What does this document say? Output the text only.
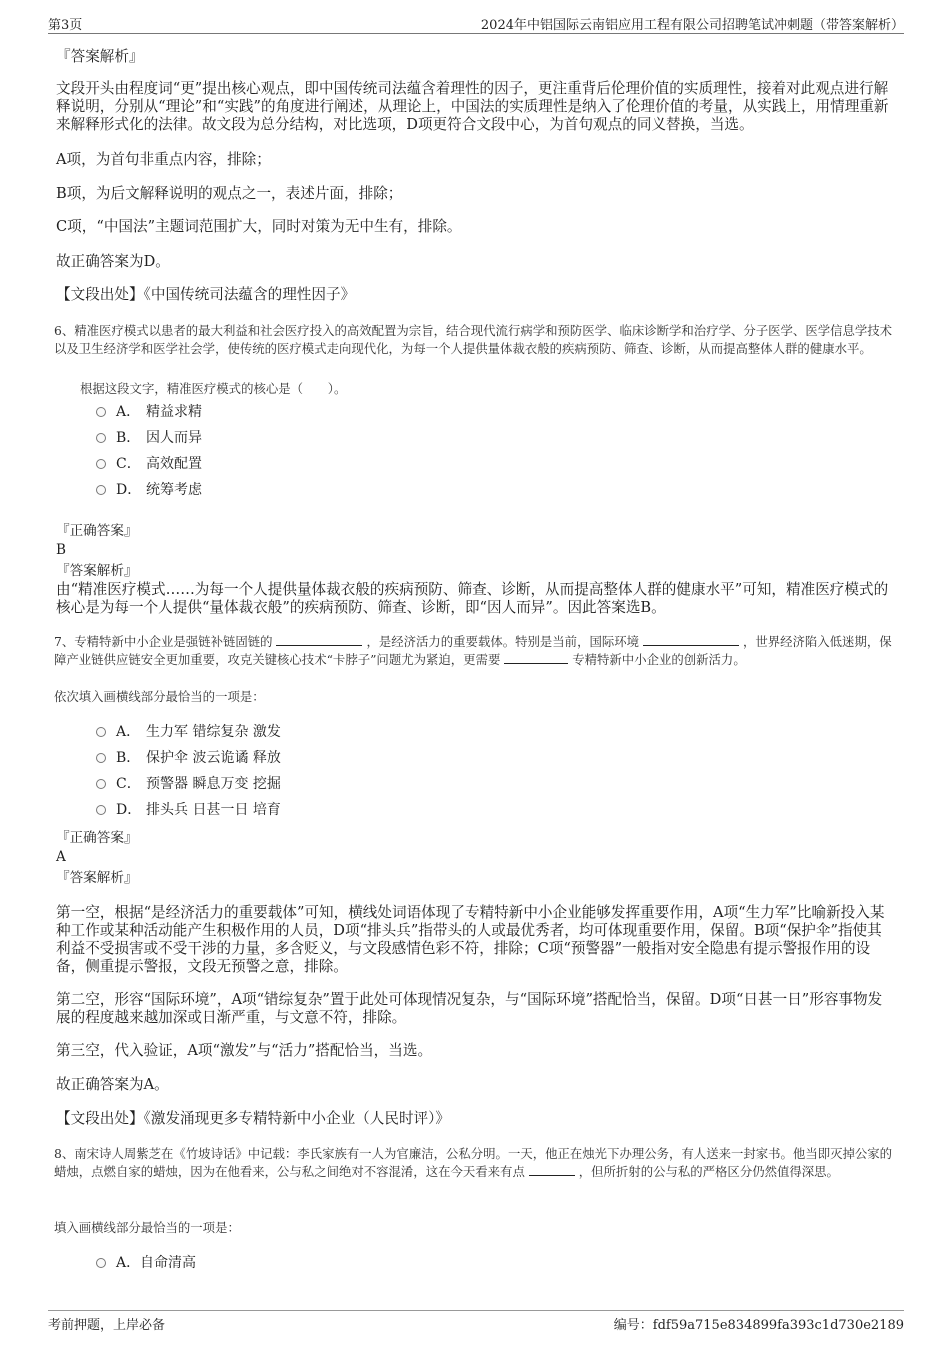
第3页	2024年中铝国际云南铝应用工程有限公司招聘笔试冲刺题（带答案解析）
『答案解析』
文段开头由程度词“更”提出核心观点，即中国传统司法蕴含着理性的因子，更注重背后伦理价值的实质理性，接着对此观点进行解释说明，分别从“理论”和“实践”的角度进行阐述，从理论上，中国法的实质理性是纳入了伦理价值的考量，从实践上，用情理重新来解释形式化的法律。故文段为总分结构，对比选项，D项更符合文段中心，为首句观点的同义替换，当选。
A项，为首句非重点内容，排除；
B项，为后文解释说明的观点之一，表述片面，排除；
C项，“中国法”主题词范围扩大，同时对策为无中生有，排除。
故正确答案为D。
【文段出处】《中国传统司法蕴含的理性因子》
6、精准医疗模式以患者的最大利益和社会医疗投入的高效配置为宗旨，结合现代流行病学和预防医学、临床诊断学和治疗学、分子医学、医学信息学技术以及卫生经济学和医学社会学，使传统的医疗模式走向现代化，为每一个人提供量体裁衣般的疾病预防、筛查、诊断，从而提高整体人群的健康水平。
根据这段文字，精准医疗模式的核心是（　　）。
A． 精益求精
B． 因人而异
C． 高效配置
D． 统筹考虑
『正确答案』
B
『答案解析』
由“精准医疗模式……为每一个人提供量体裁衣般的疾病预防、筛查、诊断，从而提高整体人群的健康水平”可知，精准医疗模式的核心是为每一个人提供“量体裁衣般”的疾病预防、筛查、诊断，即“因人而异”。因此答案选B。
7、专精特新中小企业是强链补链固链的	，是经济活力的重要载体。特别是当前，国际环境	，世界经济陷入低迷期，保障产业链供应链安全更加重要，攻克关键核心技术“卡脖子”问题尤为紧迫，更需要	专精特新中小企业的创新活力。
依次填入画横线部分最恰当的一项是：
A． 生力军 错综复杂 激发
B． 保护伞 波云诡谲 释放
C． 预警器 瞬息万变 挖掘
D． 排头兵 日甚一日 培育
『正确答案』
A
『答案解析』
第一空，根据“是经济活力的重要载体”可知，横线处词语体现了专精特新中小企业能够发挥重要作用，A项“生力军”比喻新投入某种工作或某种活动能产生积极作用的人员，D项“排头兵”指带头的人或最优秀者，均可体现重要作用，保留。B项“保护伞”指使其利益不受损害或不受干涉的力量，多含贬义，与文段感情色彩不符，排除；C项“预警器”一般指对安全隐患有提示警报作用的设备，侧重提示警报，文段无预警之意，排除。
第二空，形容“国际环境”，A项“错综复杂”置于此处可体现情况复杂，与“国际环境”搭配恰当，保留。D项“日甚一日”形容事物发展的程度越来越加深或日渐严重，与文意不符，排除。
第三空，代入验证，A项“激发”与“活力”搭配恰当，当选。
故正确答案为A。
【文段出处】《激发涌现更多专精特新中小企业（人民时评）》
8、南宋诗人周紫芝在《竹坡诗话》中记载：李氏家族有一人为官廉洁，公私分明。一天，他正在烛光下办理公务，有人送来一封家书。他当即灭掉公家的蜡烛，点燃自家的蜡烛，因为在他看来，公与私之间绝对不容混淆，这在今天看来有点	，但所折射的公与私的严格区分仍然值得深思。
填入画横线部分最恰当的一项是：
A．自命清高
考前押题，上岸必备	编号：fdf59a715e834899fa393c1d730e2189
